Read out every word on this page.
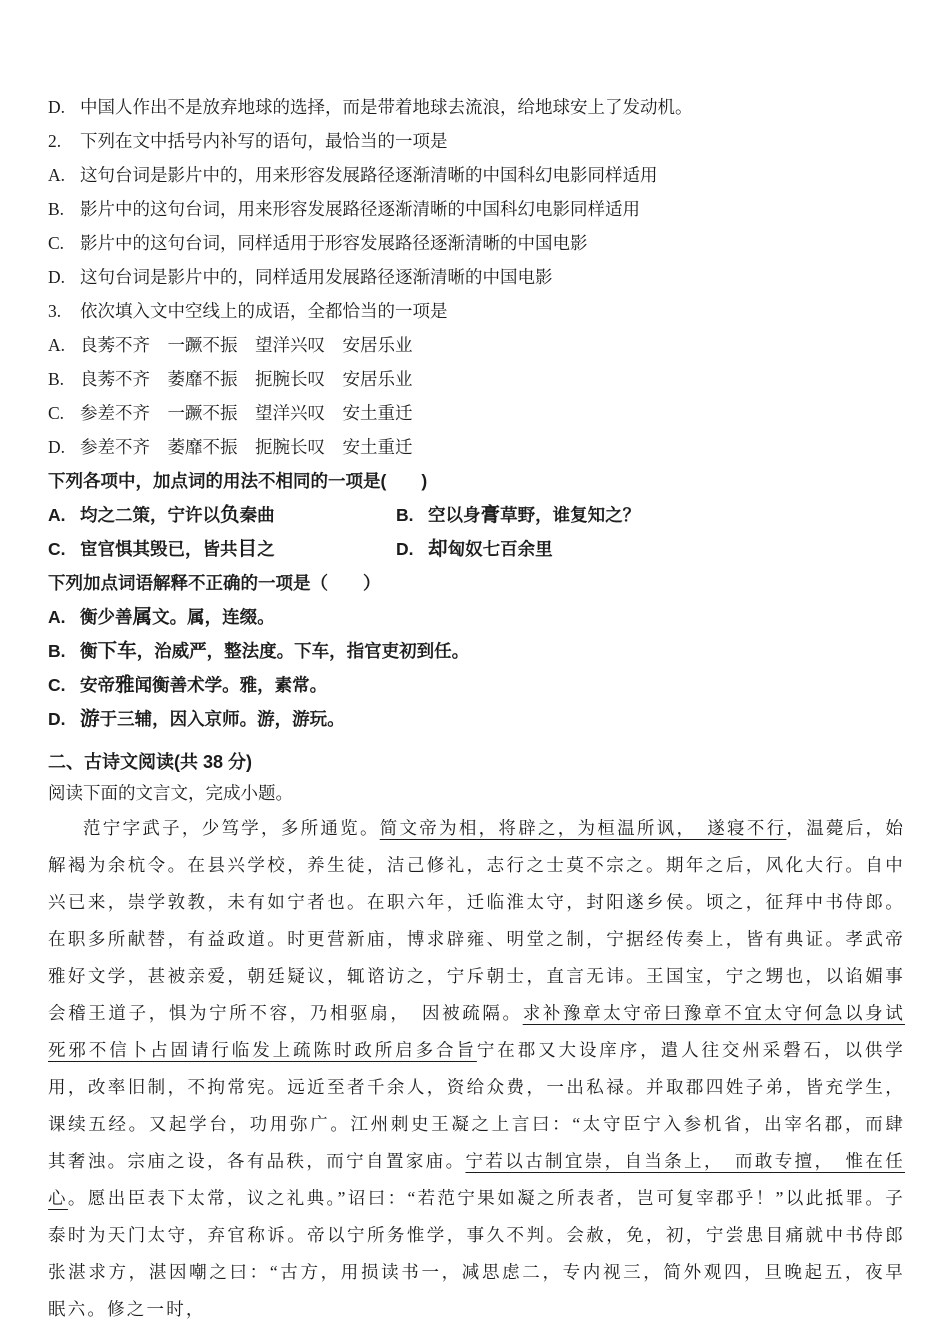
D. 中国人作出不是放弃地球的选择，而是带着地球去流浪，给地球安上了发动机。
2. 下列在文中括号内补写的语句，最恰当的一项是
A. 这句台词是影片中的，用来形容发展路径逐渐清晰的中国科幻电影同样适用
B. 影片中的这句台词，用来形容发展路径逐渐清晰的中国科幻电影同样适用
C. 影片中的这句台词，同样适用于形容发展路径逐渐清晰的中国电影
D. 这句台词是影片中的，同样适用发展路径逐渐清晰的中国电影
3. 依次填入文中空线上的成语，全都恰当的一项是
A. 良莠不齐　一蹶不振　望洋兴叹　安居乐业
B. 良莠不齐　萎靡不振　扼腕长叹　安居乐业
C. 参差不齐　一蹶不振　望洋兴叹　安土重迁
D. 参差不齐　萎靡不振　扼腕长叹　安土重迁
下列各项中，加点词的用法不相同的一项是(　　)
A. 均之二策，宁许以负秦曲	B. 空以身膏草野，谁复知之？
C. 宦官惧其毁已，皆共目之	D. 却匈奴七百余里
下列加点词语解释不正确的一项是（　　）
A. 衡少善属文。属，连缀。
B. 衡下车，治威严，整法度。下车，指官吏初到任。
C. 安帝雅闻衡善术学。雅，素常。
D. 游于三辅，因入京师。游，游玩。
二、古诗文阅读(共 38 分)
阅读下面的文言文，完成小题。

范宁字武子，少笃学，多所通览。简文帝为相，将辟之，为桓温所讽，　遂寝不行，温薨后，始解褐为余杭令。在县兴学校，养生徒，洁己修礼，志行之士莫不宗之。期年之后，风化大行。自中兴已来，崇学敦教，未有如宁者也。在职六年，迁临淮太守，封阳遂乡侯。顷之，征拜中书侍郎。在职多所献替，有益政道。时更营新庙，博求辟雍、明堂之制，宁据经传奏上，皆有典证。孝武帝雅好文学，甚被亲爱，朝廷疑议，辄谘访之，宁斥朝士，直言无讳。王国宝，宁之甥也，以谄媚事会稽王道子，惧为宁所不容，乃相驱扇，　因被疏隔。求补豫章太守帝曰豫章不宜太守何急以身试死邪不信卜占固请行临发上疏陈时政所启多合旨宁在郡又大设庠序，遣人往交州采磬石，以供学用，改率旧制，不拘常宪。远近至者千余人，资给众费，一出私禄。并取郡四姓子弟，皆充学生，课续五经。又起学台，功用弥广。江州刺史王凝之上言曰：“太守臣宁入参机省，出宰名郡，而肆其奢浊。宗庙之设，各有品秩，而宁自置家庙。宁若以古制宜崇，自当条上，　而敢专擅，　惟在任心。愿出臣表下太常，议之礼典。”诏曰：“若范宁果如凝之所表者，岂可复宰郡乎！”以此抵罪。子泰时为天门太守，弃官称诉。帝以宁所务惟学，事久不判。会赦，免，初，宁尝患目痛就中书侍郎张湛求方，湛因嘲之曰：“古方，用损读书一，减思虑二，专内视三，简外观四，旦晚起五，夜早眠六。修之一时，
